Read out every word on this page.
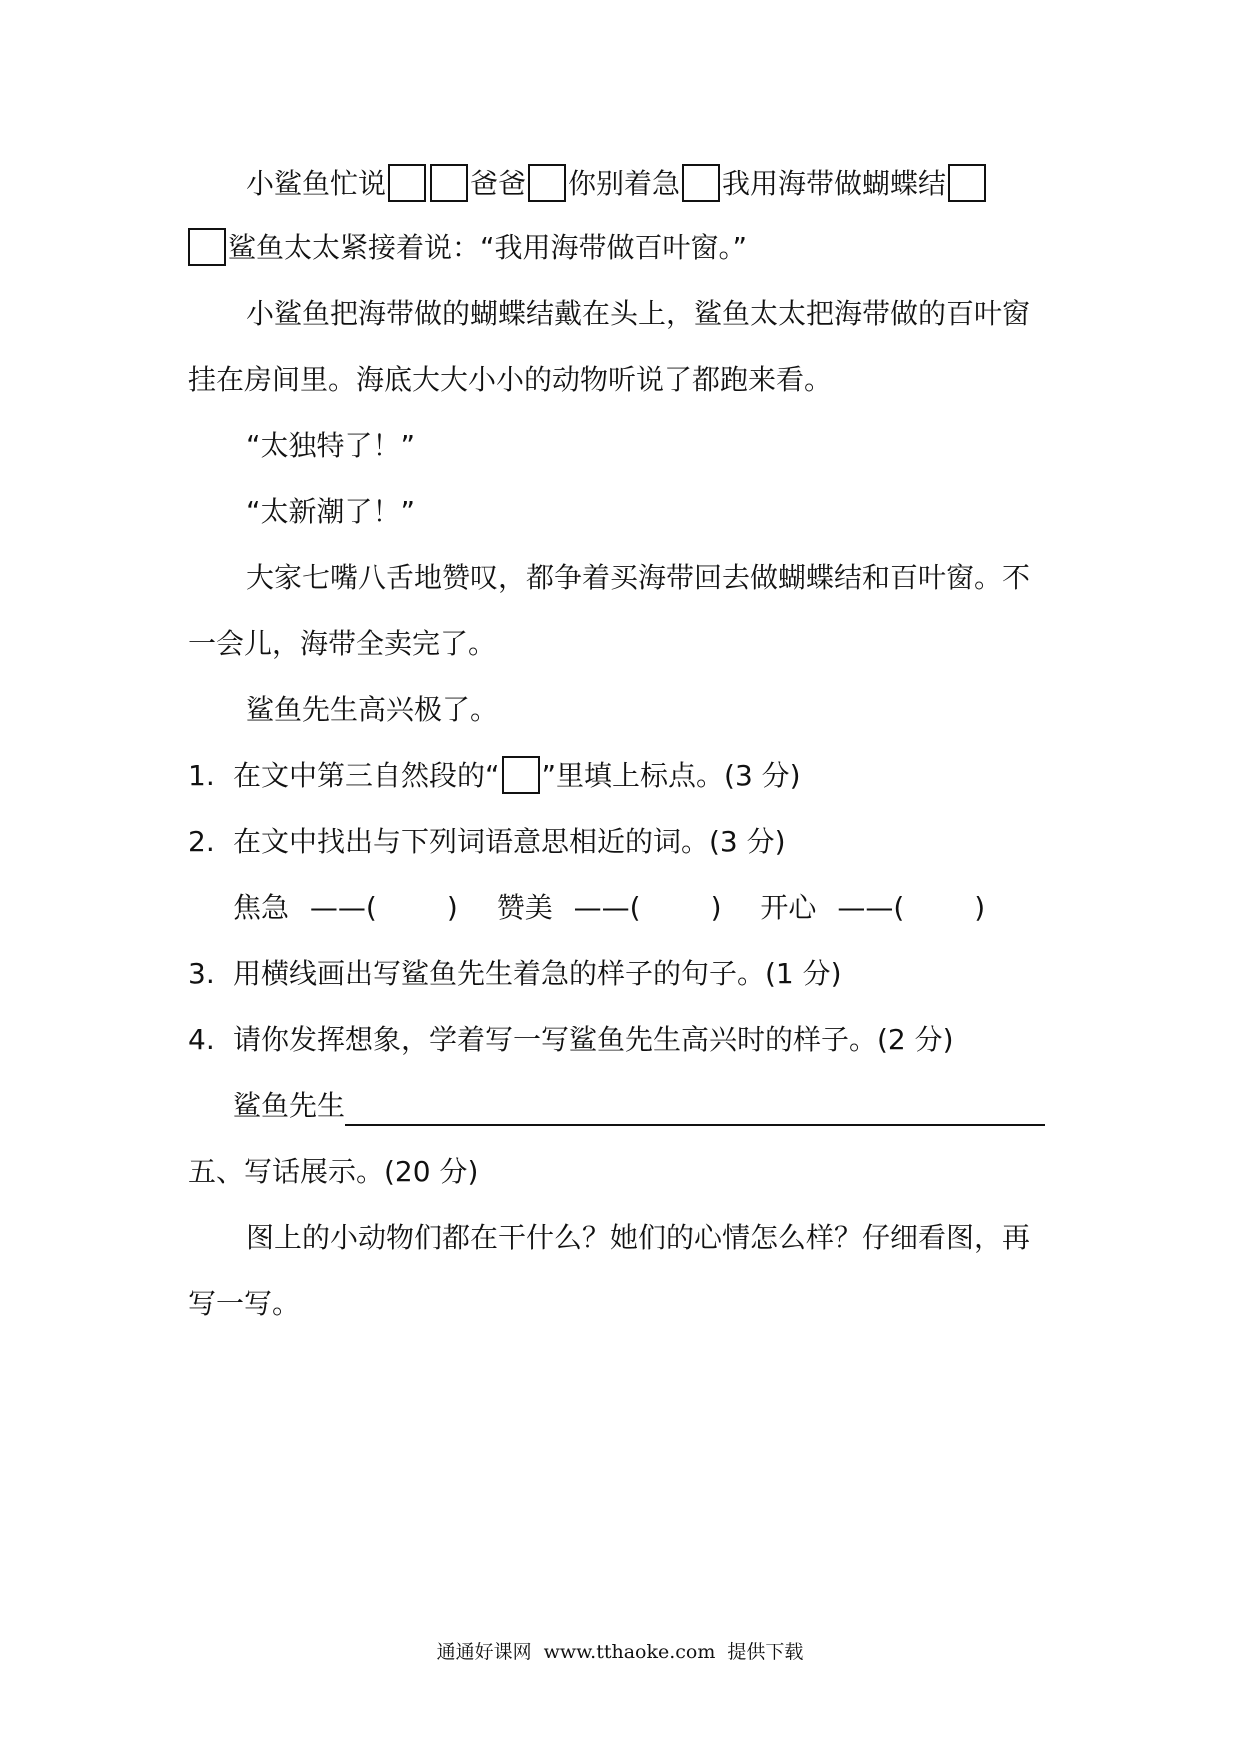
小鲨鱼忙说	爸爸 你别着急 我用海带做蝴蝶结
鲨鱼太太紧接着说：“我用海带做百叶窗。”
小鲨鱼把海带做的蝴蝶结戴在头上，鲨鱼太太把海带做的百叶窗
挂在房间里。海底大大小小的动物听说了都跑来看。
“太独特了！”
“太新潮了！”
大家七嘴八舌地赞叹，都争着买海带回去做蝴蝶结和百叶窗。不
一会儿，海带全卖完了。
鲨鱼先生高兴极了。
1. 在文中第三自然段的“ ”里填上标点。(3 分)
2. 在文中找出与下列词语意思相近的词。(3 分)
焦急 ——(	) 赞美 ——(	) 开心 ——(	)
3. 用横线画出写鲨鱼先生着急的样子的句子。(1 分)
4. 请你发挥想象，学着写一写鲨鱼先生高兴时的样子。(2 分)
鲨鱼先生
五、写话展示。(20 分)
图上的小动物们都在干什么？她们的心情怎么样？仔细看图，再
写一写。
通通好课网 www.tthaoke.com 提供下载
